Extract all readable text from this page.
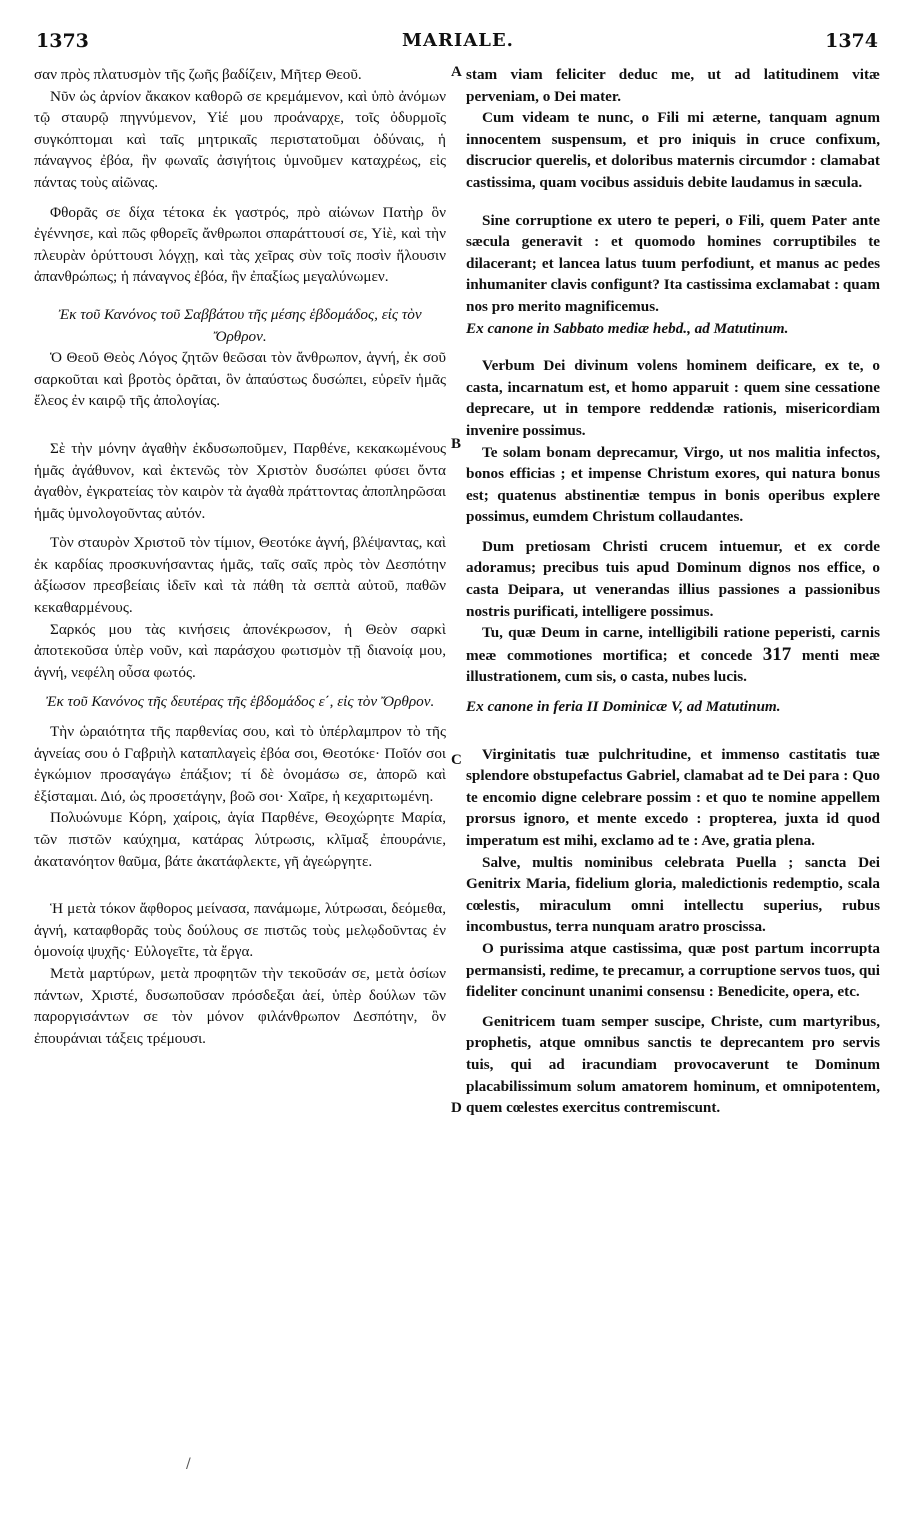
1373	MARIALE.	1374

σαν πρὸς πλατυσμὸν τῆς ζωῆς βαδίζειν, Μῆτερ Θεοῦ.

Νῦν ὡς ἀρνίον ἄκακον καθορῶ σε κρεμάμενον, καὶ ὑπὸ ἀνόμων τῷ σταυρῷ πηγνύμενον, Υἱέ μου προάναρχε, τοῖς ὀδυρμοῖς συγκόπτομαι καὶ ταῖς μητρικαῖς περιστατοῦμαι ὀδύναις, ἡ πάναγνος ἐβόα, ἣν φωναῖς ἀσιγήτοις ὑμνοῦμεν καταχρέως, εἰς πάντας τοὺς αἰῶνας.

Φθορᾶς σε δίχα τέτοκα ἐκ γαστρός, πρὸ αἰώνων Πατὴρ ὃν ἐγέννησε, καὶ πῶς φθορεῖς ἄνθρωποι σπαράττουσί σε, Υἱὲ, καὶ τὴν πλευρὰν ὀρύττουσι λόγχῃ, καὶ τὰς χεῖρας σὺν τοῖς ποσὶν ἥλουσιν ἀπανθρώπως; ἡ πάναγνος ἐβόα, ἣν ἐπαξίως μεγαλύνωμεν.

Ἐκ τοῦ Κανόνος τοῦ Σαββάτου τῆς μέσης ἑβδομάδος, εἰς τὸν Ὄρθρον.

Ὁ Θεοῦ Θεὸς Λόγος ζητῶν θεῶσαι τὸν ἄνθρωπον, ἁγνή, ἐκ σοῦ σαρκοῦται καὶ βροτὸς ὁρᾶται, ὃν ἀπαύστως δυσώπει, εὑρεῖν ἡμᾶς ἔλεος ἐν καιρῷ τῆς ἀπολογίας.

Σὲ τὴν μόνην ἀγαθὴν ἐκδυσωποῦμεν, Παρθένε, κεκακωμένους ἡμᾶς ἀγάθυνον, καὶ ἐκτενῶς τὸν Χριστὸν δυσώπει φύσει ὄντα ἀγαθὸν, ἐγκρατείας τὸν καιρὸν τὰ ἀγαθὰ πράττοντας ἀποπληρῶσαι ἡμᾶς ὑμνολογοῦντας αὐτόν.

Τὸν σταυρὸν Χριστοῦ τὸν τίμιον, Θεοτόκε ἁγνή, βλέψαντας, καὶ ἐκ καρδίας προσκυνήσαντας ἡμᾶς, ταῖς σαῖς πρὸς τὸν Δεσπότην ἀξίωσον πρεσβείαις ἰδεῖν καὶ τὰ πάθη τὰ σεπτὰ αὐτοῦ, παθῶν κεκαθαρμένους.

Σαρκός μου τὰς κινήσεις ἀπονέκρωσον, ἡ Θεὸν σαρκὶ ἀποτεκοῦσα ὑπὲρ νοῦν, καὶ παράσχου φωτισμὸν τῇ διανοίᾳ μου, ἁγνή, νεφέλη οὖσα φωτός.

Ἐκ τοῦ Κανόνος τῆς δευτέρας τῆς ἑβδομάδος ε΄, εἰς τὸν Ὄρθρον.

Τὴν ὡραιότητα τῆς παρθενίας σου, καὶ τὸ ὑπέρλαμπρον τὸ τῆς ἁγνείας σου ὁ Γαβριὴλ καταπλαγεὶς ἐβόα σοι, Θεοτόκε· Ποῖόν σοι ἐγκώμιον προσαγάγω ἐπάξιον; τί δὲ ὀνομάσω σε, ἀπορῶ καὶ ἐξίσταμαι. Διό, ὡς προσετάγην, βοῶ σοι· Χαῖρε, ἡ κεχαριτωμένη.

Πολυώνυμε Κόρη, χαίροις, ἁγία Παρθένε, Θεοχώρητε Μαρία, τῶν πιστῶν καύχημα, κατάρας λύτρωσις, κλῖμαξ ἐπουράνιε, ἀκατανόητον θαῦμα, βάτε ἀκατάφλεκτε, γῆ ἀγεώργητε.

Ἡ μετὰ τόκον ἄφθορος μείνασα, πανάμωμε, λύτρωσαι, δεόμεθα, ἁγνή, καταφθορᾶς τοὺς δούλους σε πιστῶς τοὺς μελῳδοῦντας ἐν ὁμονοίᾳ ψυχῆς· Εὐλογεῖτε, τὰ ἔργα.

Μετὰ μαρτύρων, μετὰ προφητῶν τὴν τεκοῦσάν σε, μετὰ ὁσίων πάντων, Χριστέ, δυσωποῦσαν πρόσδεξαι ἀεί, ὑπὲρ δούλων τῶν παροργισάντων σε τὸν μόνον φιλάνθρωπον Δεσπότην, ὃν ἐπουράνιαι τάξεις τρέμουσι.

stam viam feliciter deduc me, ut ad latitudinem vitæ perveniam, o Dei mater.

Cum videam te nunc, o Fili mi æterne, tanquam agnum innocentem suspensum, et pro iniquis in cruce confixum, discrucior querelis, et doloribus maternis circumdor : clamabat castissima, quam vocibus assiduis debite laudamus in sæcula.

Sine corruptione ex utero te peperi, o Fili, quem Pater ante sæcula generavit : et quomodo homines corruptibiles te dilacerant; et lancea latus tuum perfodiunt, et manus ac pedes inhumaniter clavis configunt? Ita castissima exclamabat : quam nos pro merito magnificemus.

Ex canone in Sabbato mediæ hebd., ad Matutinum.

Verbum Dei divinum volens hominem deificare, ex te, o casta, incarnatum est, et homo apparuit : quem sine cessatione deprecare, ut in tempore reddendæ rationis, misericordiam invenire possimus.

Te solam bonam deprecamur, Virgo, ut nos malitia infectos, bonos efficias ; et impense Christum exores, qui natura bonus est; quatenus abstinentiæ tempus in bonis operibus explere possimus, eumdem Christum collaudantes.

Dum pretiosam Christi crucem intuemur, et ex corde adoramus; precibus tuis apud Dominum dignos nos effice, o casta Deipara, ut venerandas illius passiones a passionibus nostris purificati, intelligere possimus.

Tu, quæ Deum in carne, intelligibili ratione peperisti, carnis meæ commotiones mortifica; et concede 317 menti meæ illustrationem, cum sis, o casta, nubes lucis.

Ex canone in feria II Dominicæ V, ad Matutinum.

Virginitatis tuæ pulchritudine, et immenso castitatis tuæ splendore obstupefactus Gabriel, clamabat ad te Dei para : Quo te encomio digne celebrare possim : et quo te nomine appellem prorsus ignoro, et mente excedo : propterea, juxta id quod imperatum est mihi, exclamo ad te : Ave, gratia plena.

Salve, multis nominibus celebrata Puella ; sancta Dei Genitrix Maria, fidelium gloria, maledictionis redemptio, scala cœlestis, miraculum omni intellectu superius, rubus incombustus, terra nunquam aratro proscissa.

O purissima atque castissima, quæ post partum incorrupta permansisti, redime, te precamur, a corruptione servos tuos, qui fideliter concinunt unanimi consensu : Benedicite, opera, etc.

Genitricem tuam semper suscipe, Christe, cum martyribus, prophetis, atque omnibus sanctis te deprecantem pro servis tuis, qui ad iracundiam provocaverunt te Dominum placabilissimum solum amatorem hominum, et omnipotentem, quem cœlestes exercitus contremiscunt.

A
B
C
D
/
